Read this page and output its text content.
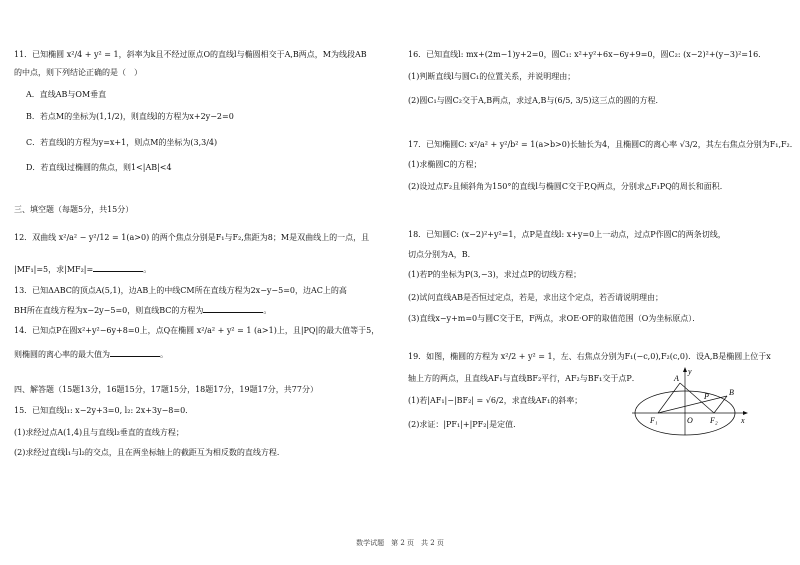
11．已知椭圆 x²/4 + y² = 1，斜率为k且不经过原点O的直线l与椭圆相交于A,B两点，M为线段AB
的中点，则下列结论正确的是（　）
A．直线AB与OM垂直
B．若点M的坐标为(1,1/2)，则直线l的方程为x+2y−2=0
C．若直线l的方程为y=x+1，则点M的坐标为(3,3/4)
D．若直线l过椭圆的焦点，则1<|AB|<4
三、填空题（每题5分，共15分）
12．双曲线 x²/a² − y²/12 = 1(a>0) 的两个焦点分别是F₁与F₂,焦距为8；M是双曲线上的一点，且
|MF₁|=5，求|MF₂|=	。
13．已知ΔABC的顶点A(5,1)，边AB上的中线CM所在直线方程为2x−y−5=0，边AC上的高
BH所在直线方程为x−2y−5=0，则直线BC的方程为	。
14．已知点P在圆x²+y²−6y+8=0上，点Q在椭圆 x²/a² + y² = 1 (a>1)上，且|PQ|的最大值等于5，
则椭圆的离心率的最大值为	。
四、解答题（15题13分，16题15分，17题15分，18题17分，19题17分，共77分）
15．已知直线l₁: x−2y+3=0, l₂: 2x+3y−8=0．
(1)求经过点A(1,4)且与直线l₂垂直的直线方程；
(2)求经过直线l₁与l₂的交点，且在两坐标轴上的截距互为相反数的直线方程．
16．已知直线l: mx+(2m−1)y+2=0，圆C₁: x²+y²+6x−6y+9=0，圆C₂: (x−2)²+(y−3)²=16．
(1)判断直线l与圆C₁的位置关系，并说明理由；
(2)圆C₁与圆C₂交于A,B两点，求过A,B与(6/5, 3/5)这三点的圆的方程．
17．已知椭圆C: x²/a² + y²/b² = 1(a>b>0)长轴长为4，且椭圆C的离心率 √3/2，其左右焦点分别为F₁,F₂．
(1)求椭圆C的方程；
(2)设过点F₂且倾斜角为150°的直线l与椭圆C交于P,Q两点，分别求△F₁PQ的周长和面积．
18．已知圆C: (x−2)²+y²=1，点P是直线l: x+y=0上一动点，过点P作圆C的两条切线，
切点分别为A，B．
(1)若P的坐标为P(3,−3)，求过点P的切线方程；
(2)试问直线AB是否恒过定点，若是，求出这个定点，若否请说明理由；
(3)直线x−y+m=0与圆C交于E，F两点，求OE·OF的取值范围（O为坐标原点）．
19．如图，椭圆的方程为 x²/2 + y² = 1，左、右焦点分别为F₁(−c,0),F₂(c,0)．设A,B是椭圆上位于x
轴上方的两点，且直线AF₁与直线BF₂平行，AF₂与BF₁交于点P．
(1)若|AF₁|−|BF₂| = √6/2，求直线AF₁的斜率；
(2)求证：|PF₁|+|PF₂|是定值．
y
x
A
B
P
F₁	O F₂
数学试题　第 2 页　共 2 页
